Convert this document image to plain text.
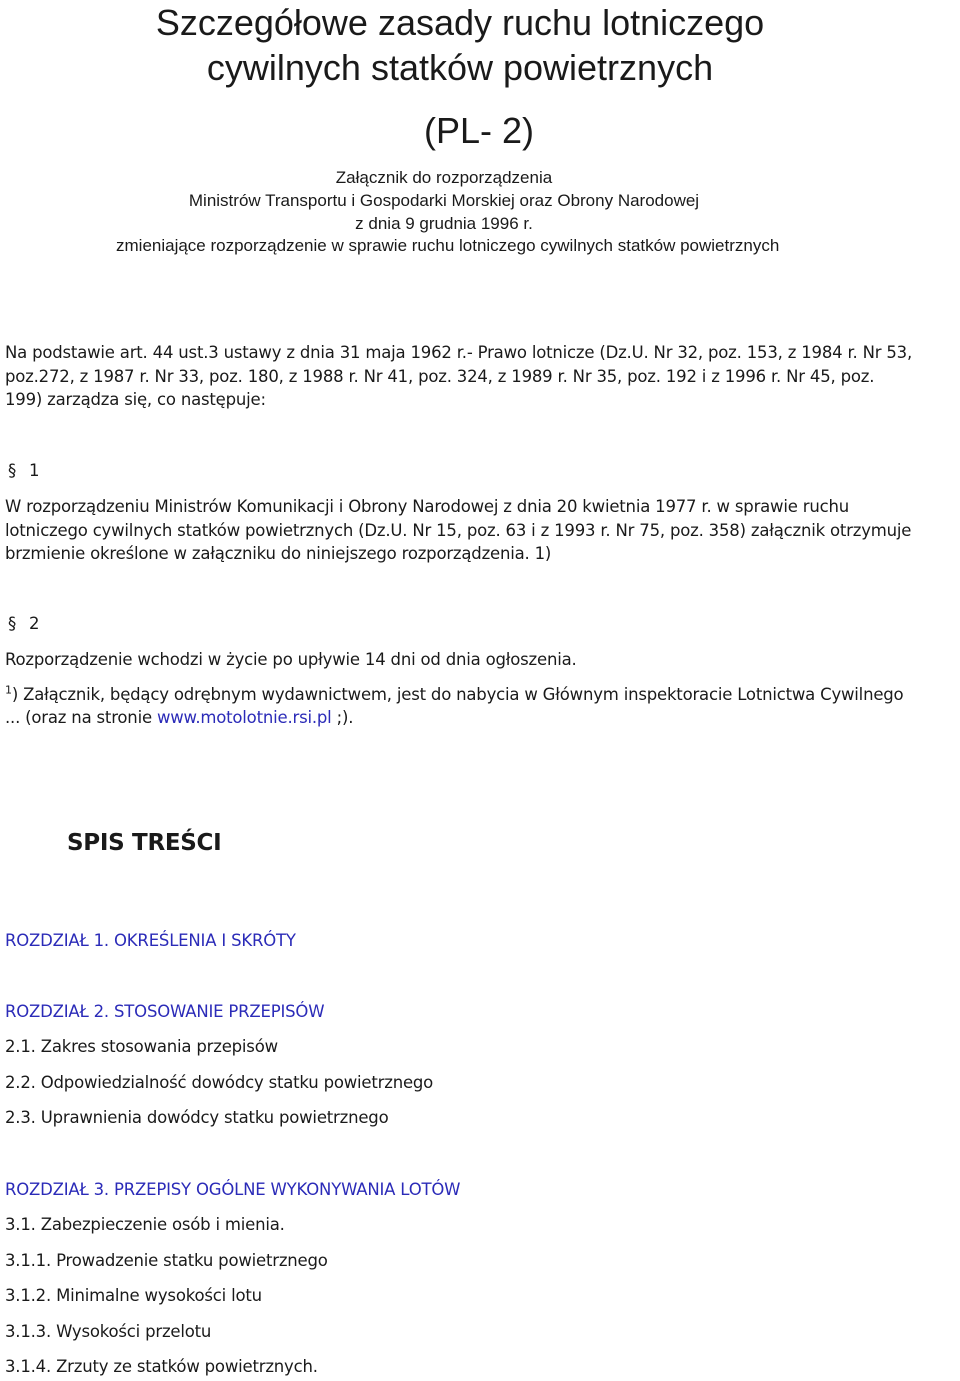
Szczegółowe zasady ruchu lotniczego
cywilnych statków powietrznych
(PL- 2)
Załącznik do rozporządzenia
Ministrów Transportu i Gospodarki Morskiej oraz Obrony Narodowej
z dnia 9 grudnia 1996 r.
zmieniające rozporządzenie w sprawie ruchu lotniczego cywilnych statków powietrznych
Na podstawie art. 44 ust.3 ustawy z dnia 31 maja 1962 r.- Prawo lotnicze (Dz.U. Nr 32, poz. 153, z 1984 r. Nr 53,
poz.272, z 1987 r. Nr 33, poz. 180, z 1988 r. Nr 41, poz. 324, z 1989 r. Nr 35, poz. 192 i z 1996 r. Nr 45, poz.
199) zarządza się, co następuje:
§ 1
W rozporządzeniu Ministrów Komunikacji i Obrony Narodowej z dnia 20 kwietnia 1977 r. w sprawie ruchu
lotniczego cywilnych statków powietrznych (Dz.U. Nr 15, poz. 63 i z 1993 r. Nr 75, poz. 358) załącznik otrzymuje
brzmienie określone w załączniku do niniejszego rozporządzenia. 1)
§ 2
Rozporządzenie wchodzi w życie po upływie 14 dni od dnia ogłoszenia.
$^1$) Załącznik, będący odrębnym wydawnictwem, jest do nabycia w Głównym inspektoracie Lotnictwa Cywilnego
... (oraz na stronie www.motolotnie.rsi.pl ;).
SPIS TREŚCI
ROZDZIAŁ 1. OKREŚLENIA I SKRÓTY
ROZDZIAŁ 2. STOSOWANIE PRZEPISÓW
2.1. Zakres stosowania przepisów
2.2. Odpowiedzialność dowódcy statku powietrznego
2.3. Uprawnienia dowódcy statku powietrznego
ROZDZIAŁ 3. PRZEPISY OGÓLNE WYKONYWANIA LOTÓW
3.1. Zabezpieczenie osób i mienia.
3.1.1. Prowadzenie statku powietrznego
3.1.2. Minimalne wysokości lotu
3.1.3. Wysokości przelotu
3.1.4. Zrzuty ze statków powietrznych.
